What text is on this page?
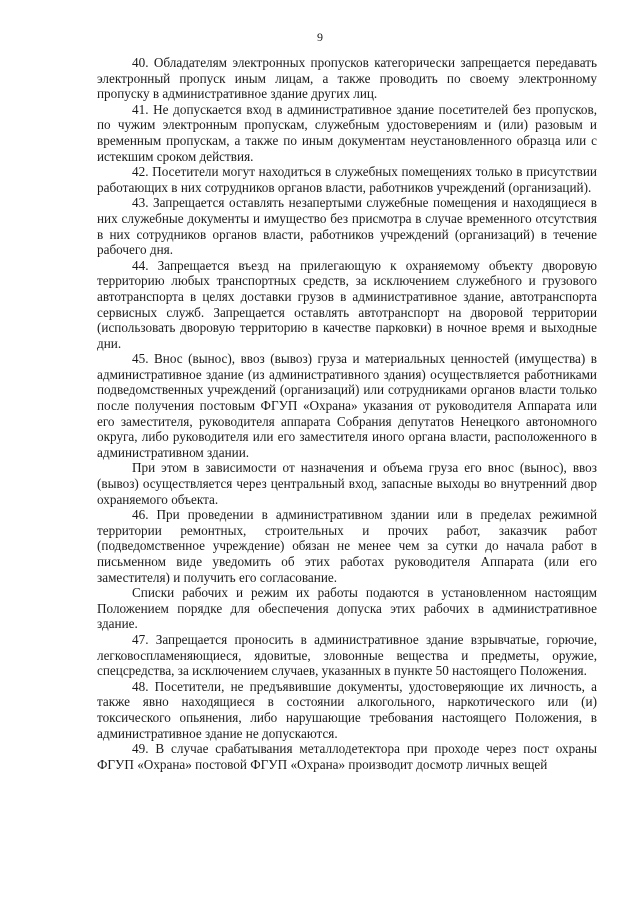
9

40. Обладателям электронных пропусков категорически запрещается передавать электронный пропуск иным лицам, а также проводить по своему электронному пропуску в административное здание других лиц.

41. Не допускается вход в административное здание посетителей без пропусков, по чужим электронным пропускам, служебным удостоверениям и (или) разовым и временным пропускам, а также по иным документам неустановленного образца или с истекшим сроком действия.

42. Посетители могут находиться в служебных помещениях только в присутствии работающих в них сотрудников органов власти, работников учреждений (организаций).

43. Запрещается оставлять незапертыми служебные помещения и находящиеся в них служебные документы и имущество без присмотра в случае временного отсутствия в них сотрудников органов власти, работников учреждений (организаций) в течение рабочего дня.

44. Запрещается въезд на прилегающую к охраняемому объекту дворовую территорию любых транспортных средств, за исключением служебного и грузового автотранспорта в целях доставки грузов в административное здание, автотранспорта сервисных служб. Запрещается оставлять автотранспорт на дворовой территории (использовать дворовую территорию в качестве парковки) в ночное время и выходные дни.

45. Внос (вынос), ввоз (вывоз) груза и материальных ценностей (имущества) в административное здание (из административного здания) осуществляется работниками подведомственных учреждений (организаций) или сотрудниками органов власти только после получения постовым ФГУП «Охрана» указания от руководителя Аппарата или его заместителя, руководителя аппарата Собрания депутатов Ненецкого автономного округа, либо руководителя или его заместителя иного органа власти, расположенного в административном здании.

При этом в зависимости от назначения и объема груза его внос (вынос), ввоз (вывоз) осуществляется через центральный вход, запасные выходы во внутренний двор охраняемого объекта.

46. При проведении в административном здании или в пределах режимной территории ремонтных, строительных и прочих работ, заказчик работ (подведомственное учреждение) обязан не менее чем за сутки до начала работ в письменном виде уведомить об этих работах руководителя Аппарата (или его заместителя) и получить его согласование.

Списки рабочих и режим их работы подаются в установленном настоящим Положением порядке для обеспечения допуска этих рабочих в административное здание.

47. Запрещается проносить в административное здание взрывчатые, горючие, легковоспламеняющиеся, ядовитые, зловонные вещества и предметы, оружие, спецсредства, за исключением случаев, указанных в пункте 50 настоящего Положения.

48. Посетители, не предъявившие документы, удостоверяющие их личность, а также явно находящиеся в состоянии алкогольного, наркотического или (и) токсического опьянения, либо нарушающие требования настоящего Положения, в административное здание не допускаются.

49. В случае срабатывания металлодетектора при проходе через пост охраны ФГУП «Охрана» постовой ФГУП «Охрана» производит досмотр личных вещей
